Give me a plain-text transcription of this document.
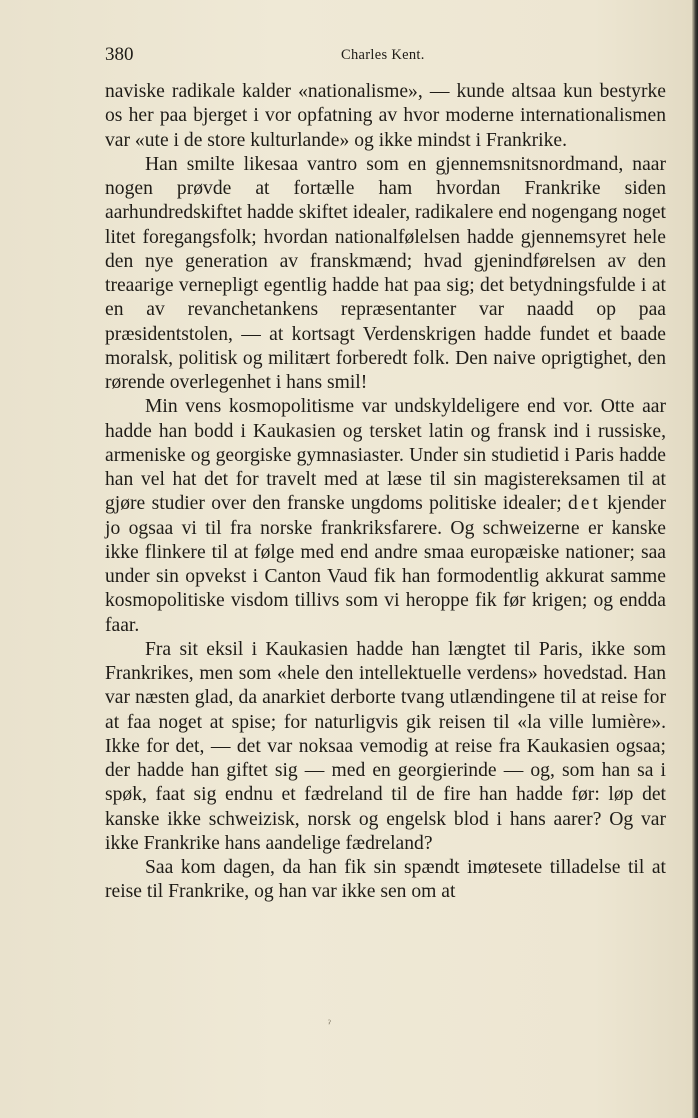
380	Charles Kent.

naviske radikale kalder «nationalisme», — kunde altsaa kun bestyrke os her paa bjerget i vor opfatning av hvor moderne internationalismen var «ute i de store kulturlande» og ikke mindst i Frankrike.

Han smilte likesaa vantro som en gjennemsnitsnordmand, naar nogen prøvde at fortælle ham hvordan Frankrike siden aarhundredskiftet hadde skiftet idealer, radikalere end nogengang noget litet foregangsfolk; hvordan nationalfølelsen hadde gjennemsyret hele den nye generation av franskmænd; hvad gjenindførelsen av den treaarige vernepligt egentlig hadde hat paa sig; det betydningsfulde i at en av revanchetankens repræsentanter var naadd op paa præsidentstolen, — at kortsagt Verdenskrigen hadde fundet et baade moralsk, politisk og militært forberedt folk. Den naive oprigtighet, den rørende overlegenhet i hans smil!

Min vens kosmopolitisme var undskyldeligere end vor. Otte aar hadde han bodd i Kaukasien og tersket latin og fransk ind i russiske, armeniske og georgiske gymnasiaster. Under sin studietid i Paris hadde han vel hat det for travelt med at læse til sin magistereksamen til at gjøre studier over den franske ungdoms politiske idealer; det kjender jo ogsaa vi til fra norske frankriksfarere. Og schweizerne er kanske ikke flinkere til at følge med end andre smaa europæiske nationer; saa under sin opvekst i Canton Vaud fik han formodentlig akkurat samme kosmopolitiske visdom tillivs som vi heroppe fik før krigen; og endda faar.

Fra sit eksil i Kaukasien hadde han længtet til Paris, ikke som Frankrikes, men som «hele den intellektuelle verdens» hovedstad. Han var næsten glad, da anarkiet derborte tvang utlændingene til at reise for at faa noget at spise; for naturligvis gik reisen til «la ville lumière». Ikke for det, — det var noksaa vemodig at reise fra Kaukasien ogsaa; der hadde han giftet sig — med en georgierinde — og, som han sa i spøk, faat sig endnu et fædreland til de fire han hadde før: løp det kanske ikke schweizisk, norsk og engelsk blod i hans aarer? Og var ikke Frankrike hans aandelige fædreland?

Saa kom dagen, da han fik sin spændt imøtesete tilladelse til at reise til Frankrike, og han var ikke sen om at

ˀ
